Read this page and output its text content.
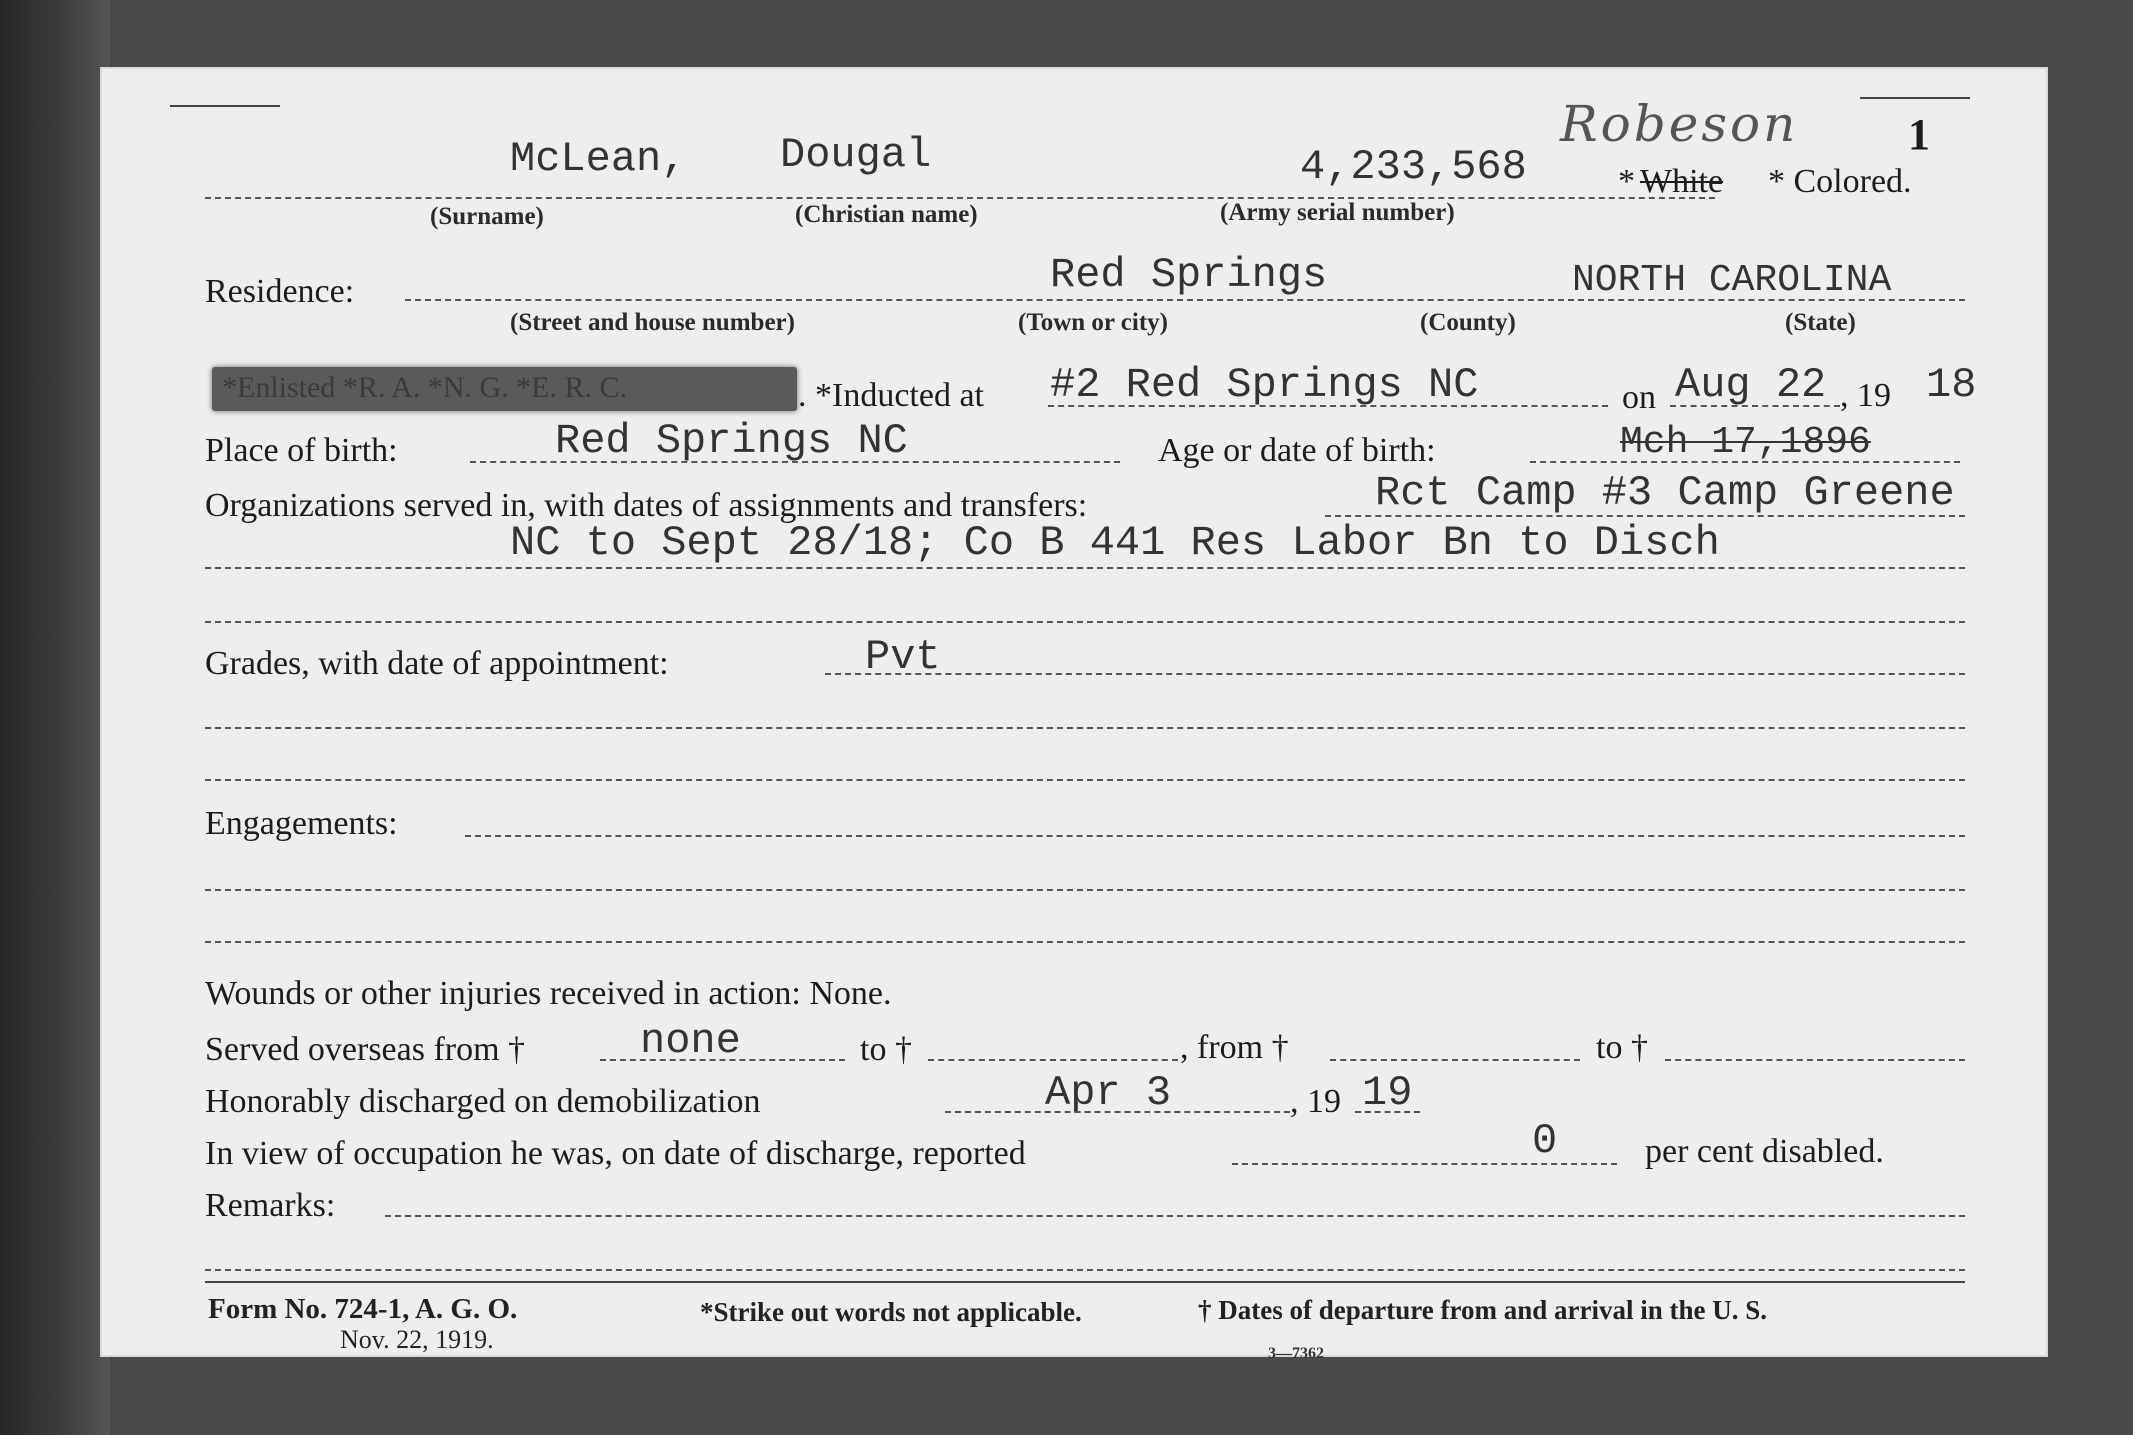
Robeson 1
McLean, Dougal	4,233,568	* White * Colored.
(Surname)	(Christian name)	(Army serial number)
Residence:	Red Springs	NORTH CAROLINA
(Street and house number)	(Town or city)	(County)	(State)
*Enlisted *R. A. *N. G. *E. R. C.	. *Inducted at #2 Red Springs NC	on Aug 22 , 19 18
Place of birth:	Red Springs NC	Age or date of birth:	Mch 17,1896
Organizations served in, with dates of assignments and transfers:	Rct Camp #3 Camp Greene
NC to Sept 28/18; Co B 441 Res Labor Bn to Disch
Grades, with date of appointment:	Pvt
Engagements:
Wounds or other injuries received in action: None.
Served overseas from †	none	to †	, from †	to †
Honorably discharged on demobilization	Apr 3	, 19 19
In view of occupation he was, on date of discharge, reported	0	per cent disabled.
Remarks:
Form No. 724-1, A. G. O.
Nov. 22, 1919.
*Strike out words not applicable.	† Dates of departure from and arrival in the U. S.
3—7362
